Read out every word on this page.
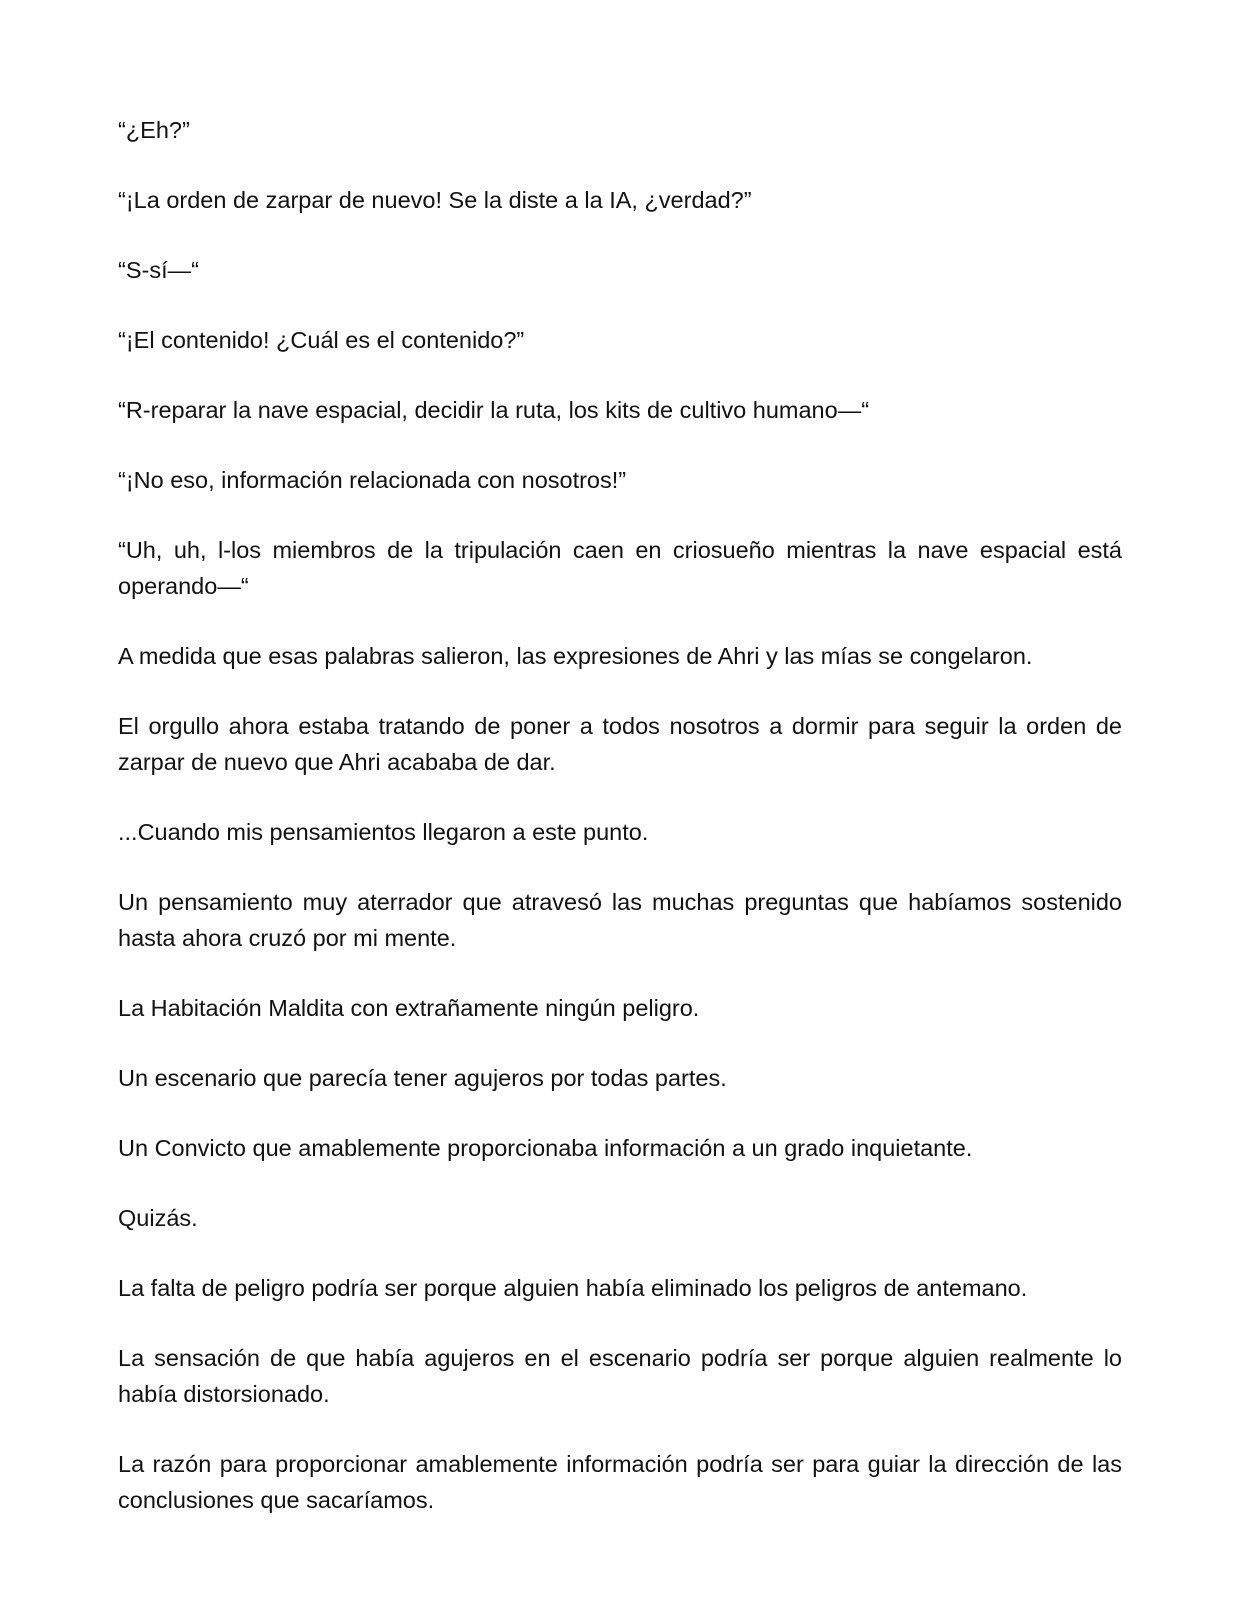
“¿Eh?”

“¡La orden de zarpar de nuevo! Se la diste a la IA, ¿verdad?”

“S-sí—“

“¡El contenido! ¿Cuál es el contenido?”

“R-reparar la nave espacial, decidir la ruta, los kits de cultivo humano—“

“¡No eso, información relacionada con nosotros!”

“Uh, uh, l-los miembros de la tripulación caen en criosueño mientras la nave espacial está operando—“

A medida que esas palabras salieron, las expresiones de Ahri y las mías se congelaron.

El orgullo ahora estaba tratando de poner a todos nosotros a dormir para seguir la orden de zarpar de nuevo que Ahri acababa de dar.

...Cuando mis pensamientos llegaron a este punto.

Un pensamiento muy aterrador que atravesó las muchas preguntas que habíamos sostenido hasta ahora cruzó por mi mente.

La Habitación Maldita con extrañamente ningún peligro.

Un escenario que parecía tener agujeros por todas partes.

Un Convicto que amablemente proporcionaba información a un grado inquietante.

Quizás.

La falta de peligro podría ser porque alguien había eliminado los peligros de antemano.

La sensación de que había agujeros en el escenario podría ser porque alguien realmente lo había distorsionado.

La razón para proporcionar amablemente información podría ser para guiar la dirección de las conclusiones que sacaríamos.
